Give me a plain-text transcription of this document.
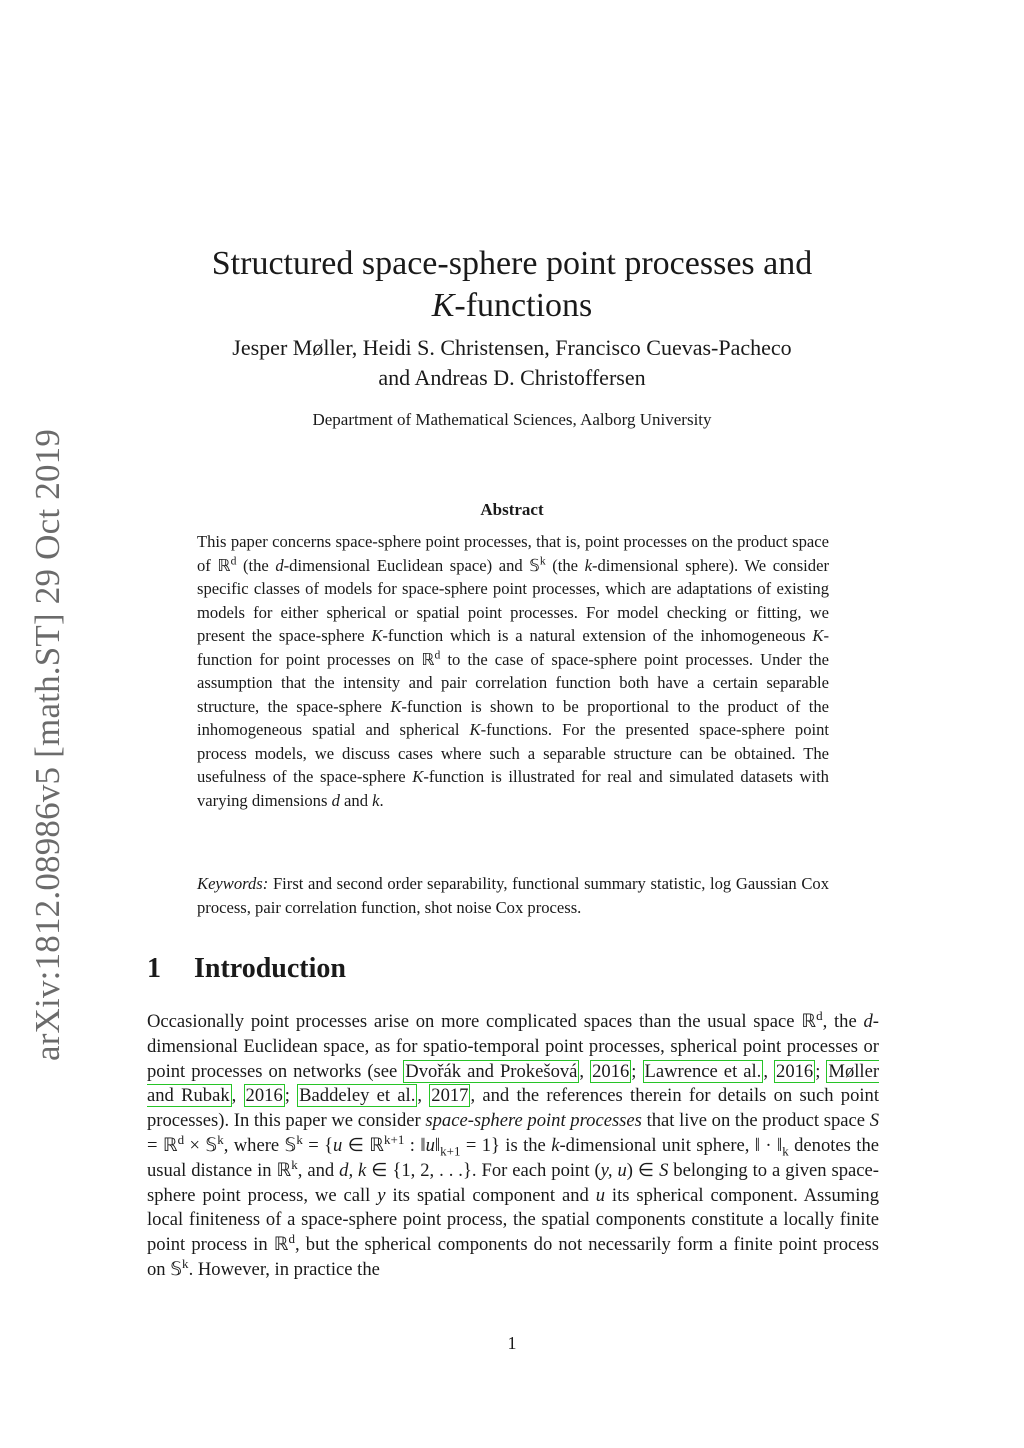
arXiv:1812.08986v5 [math.ST] 29 Oct 2019
Structured space-sphere point processes and
K-functions
Jesper Møller, Heidi S. Christensen, Francisco Cuevas-Pacheco
and Andreas D. Christoffersen
Department of Mathematical Sciences, Aalborg University
Abstract

This paper concerns space-sphere point processes, that is, point processes on the product space of ℝ$^d$ (the d-dimensional Euclidean space) and 𝕊$^k$ (the k-dimensional sphere). We consider specific classes of models for space-sphere point processes, which are adaptations of existing models for either spherical or spatial point processes. For model checking or fitting, we present the space-sphere K-function which is a natural extension of the inhomogeneous K-function for point processes on ℝ$^d$ to the case of space-sphere point processes. Under the assumption that the intensity and pair correlation function both have a certain separable structure, the space-sphere K-function is shown to be proportional to the product of the inhomogeneous spatial and spherical K-functions. For the presented space-sphere point process models, we discuss cases where such a separable structure can be obtained. The usefulness of the space-sphere K-function is illustrated for real and simulated datasets with varying dimensions d and k.

Keywords: First and second order separability, functional summary statistic, log Gaussian Cox process, pair correlation function, shot noise Cox process.

1 Introduction

Occasionally point processes arise on more complicated spaces than the usual space ℝ$^d$, the d-dimensional Euclidean space, as for spatio-temporal point processes, spherical point processes or point processes on networks (see Dvořák and Prokešová , 2016 ; Lawrence et al. , 2016 ; Møller and Rubak , 2016 ; Baddeley et al. , 2017 , and the references therein for details on such point processes). In this paper we consider space-sphere point processes that live on the product space S = ℝ$^d$ × 𝕊$^k$, where 𝕊$^k$ = {u ∈ ℝ$^{k+1}$ : $‖u‖_{k+1} = 1$} is the k-dimensional unit sphere, ‖ · $‖_k$ denotes the usual distance in ℝ$^k$, and d, k ∈ {1, 2, . . .}. For each point (y, u) ∈ S belonging to a given space-sphere point process, we call y its spatial component and u its spherical component. Assuming local finiteness of a space-sphere point process, the spatial components constitute a locally finite point process in ℝ$^d$, but the spherical components do not necessarily form a finite point process on 𝕊$^k$. However, in practice the

1
